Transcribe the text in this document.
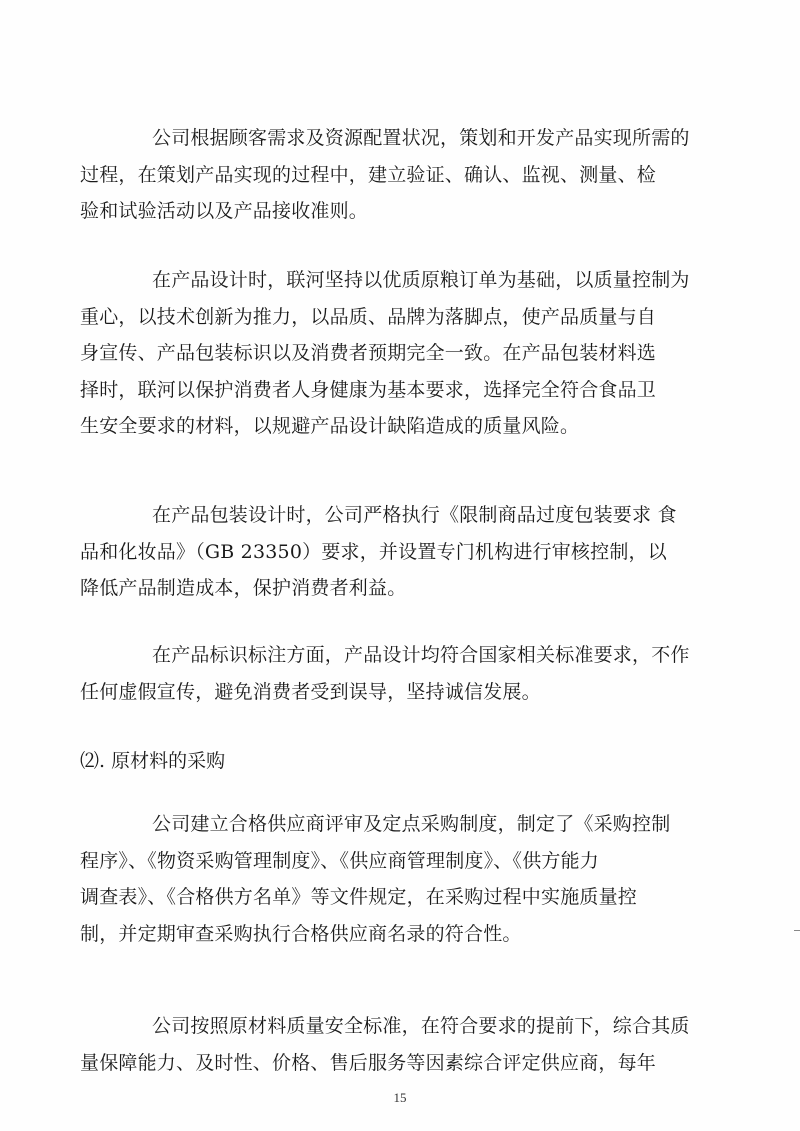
公司根据顾客需求及资源配置状况，策划和开发产品实现所需的
过程，在策划产品实现的过程中，建立验证、确认、监视、测量、检
验和试验活动以及产品接收准则。
在产品设计时，联河坚持以优质原粮订单为基础，以质量控制为
重心，以技术创新为推力，以品质、品牌为落脚点，使产品质量与自
身宣传、产品包装标识以及消费者预期完全一致。在产品包装材料选
择时，联河以保护消费者人身健康为基本要求，选择完全符合食品卫
生安全要求的材料，以规避产品设计缺陷造成的质量风险。
在产品包装设计时，公司严格执行《限制商品过度包装要求 食
品和化妆品》（GB 23350）要求，并设置专门机构进行审核控制，以
降低产品制造成本，保护消费者利益。
在产品标识标注方面，产品设计均符合国家相关标准要求，不作
任何虚假宣传，避免消费者受到误导，坚持诚信发展。
⑵. 原材料的采购
公司建立合格供应商评审及定点采购制度，制定了《采购控制
程序》、《物资采购管理制度》、《供应商管理制度》、《供方能力
调查表》、《合格供方名单》等文件规定，在采购过程中实施质量控
制，并定期审查采购执行合格供应商名录的符合性。
公司按照原材料质量安全标准，在符合要求的提前下，综合其质
量保障能力、及时性、价格、售后服务等因素综合评定供应商，每年
15
